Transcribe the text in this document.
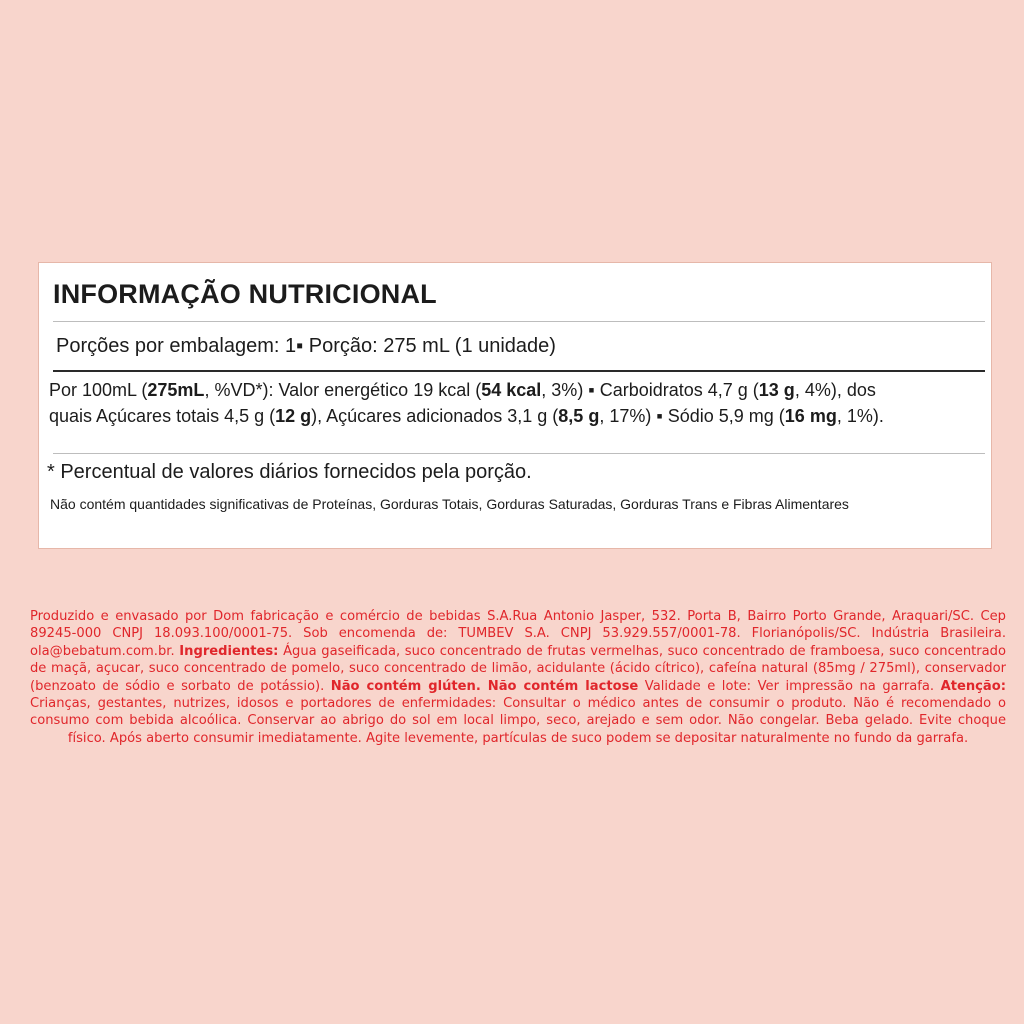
INFORMAÇÃO NUTRICIONAL
Porções por embalagem: 1▪ Porção: 275 mL (1 unidade)
Por 100mL (275mL, %VD*): Valor energético 19 kcal (54 kcal, 3%) ▪ Carboidratos 4,7 g (13 g, 4%), dos
quais Açúcares totais 4,5 g (12 g), Açúcares adicionados 3,1 g (8,5 g, 17%) ▪ Sódio 5,9 mg (16 mg, 1%).
* Percentual de valores diários fornecidos pela porção.
Não contém quantidades significativas de Proteínas, Gorduras Totais, Gorduras Saturadas, Gorduras Trans e Fibras Alimentares
Produzido e envasado por Dom fabricação e comércio de bebidas S.A.Rua Antonio Jasper, 532. Porta B, Bairro Porto Grande, Araquari/SC. Cep 89245-000 CNPJ 18.093.100/0001-75. Sob encomenda de: TUMBEV S.A. CNPJ 53.929.557/0001-78. Florianópolis/SC. Indústria Brasileira. ola@bebatum.com.br. Ingredientes: Água gaseificada, suco concentrado de frutas vermelhas, suco concentrado de framboesa, suco concentrado de maçã, açucar, suco concentrado de pomelo, suco concentrado de limão, acidulante (ácido cítrico), cafeína natural (85mg / 275ml), conservador (benzoato de sódio e sorbato de potássio). Não contém glúten. Não contém lactose Validade e lote: Ver impressão na garrafa. Atenção: Crianças, gestantes, nutrizes, idosos e portadores de enfermidades: Consultar o médico antes de consumir o produto. Não é recomendado o consumo com bebida alcoólica. Conservar ao abrigo do sol em local limpo, seco, arejado e sem odor. Não congelar. Beba gelado. Evite choque físico. Após aberto consumir imediatamente. Agite levemente, partículas de suco podem se depositar naturalmente no fundo da garrafa.
